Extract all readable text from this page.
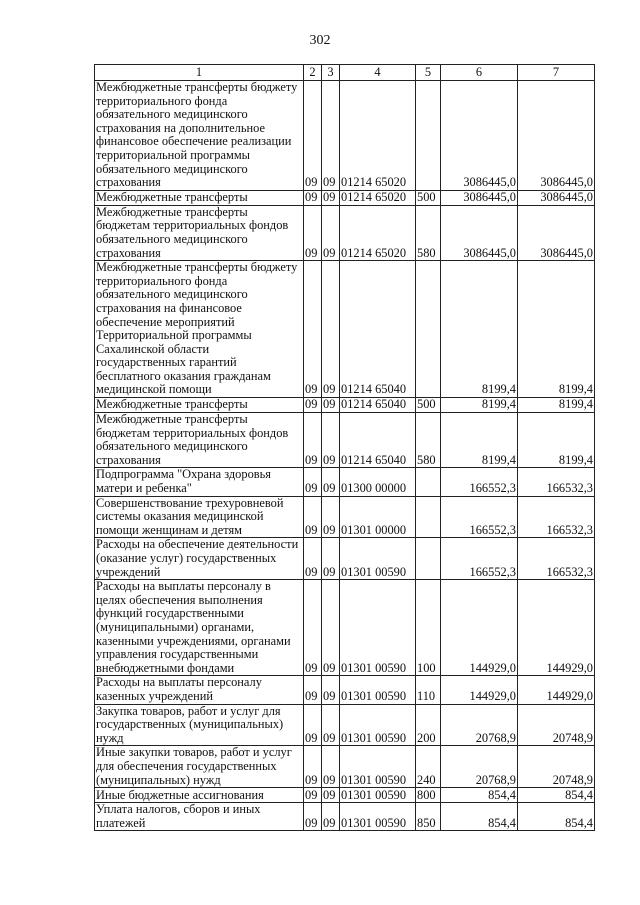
302
1	2	3	4	5	6	7
Межбюджетные трансферты бюджету территориального фонда обязательного медицинского страхования на дополнительное финансовое обеспечение реализации территориальной программы обязательного медицинского страхования	09	09	01214 65020		3086445,0	3086445,0
Межбюджетные трансферты	09	09	01214 65020	500	3086445,0	3086445,0
Межбюджетные трансферты бюджетам территориальных фондов обязательного медицинского страхования	09	09	01214 65020	580	3086445,0	3086445,0
Межбюджетные трансферты бюджету территориального фонда обязательного медицинского страхования на финансовое обеспечение мероприятий Территориальной программы Сахалинской области государственных гарантий бесплатного оказания гражданам медицинской помощи	09	09	01214 65040		8199,4	8199,4
Межбюджетные трансферты	09	09	01214 65040	500	8199,4	8199,4
Межбюджетные трансферты бюджетам территориальных фондов обязательного медицинского страхования	09	09	01214 65040	580	8199,4	8199,4
Подпрограмма "Охрана здоровья матери и ребенка"	09	09	01300 00000		166552,3	166532,3
Совершенствование трехуровневой системы оказания медицинской помощи женщинам и детям	09	09	01301 00000		166552,3	166532,3
Расходы на обеспечение деятельности (оказание услуг) государственных учреждений	09	09	01301 00590		166552,3	166532,3
Расходы на выплаты персоналу в целях обеспечения выполнения функций государственными (муниципальными) органами, казенными учреждениями, органами управления государственными внебюджетными фондами	09	09	01301 00590	100	144929,0	144929,0
Расходы на выплаты персоналу казенных учреждений	09	09	01301 00590	110	144929,0	144929,0
Закупка товаров, работ и услуг для государственных (муниципальных) нужд	09	09	01301 00590	200	20768,9	20748,9
Иные закупки товаров, работ и услуг для обеспечения государственных (муниципальных) нужд	09	09	01301 00590	240	20768,9	20748,9
Иные бюджетные ассигнования	09	09	01301 00590	800	854,4	854,4
Уплата налогов, сборов и иных платежей	09	09	01301 00590	850	854,4	854,4
